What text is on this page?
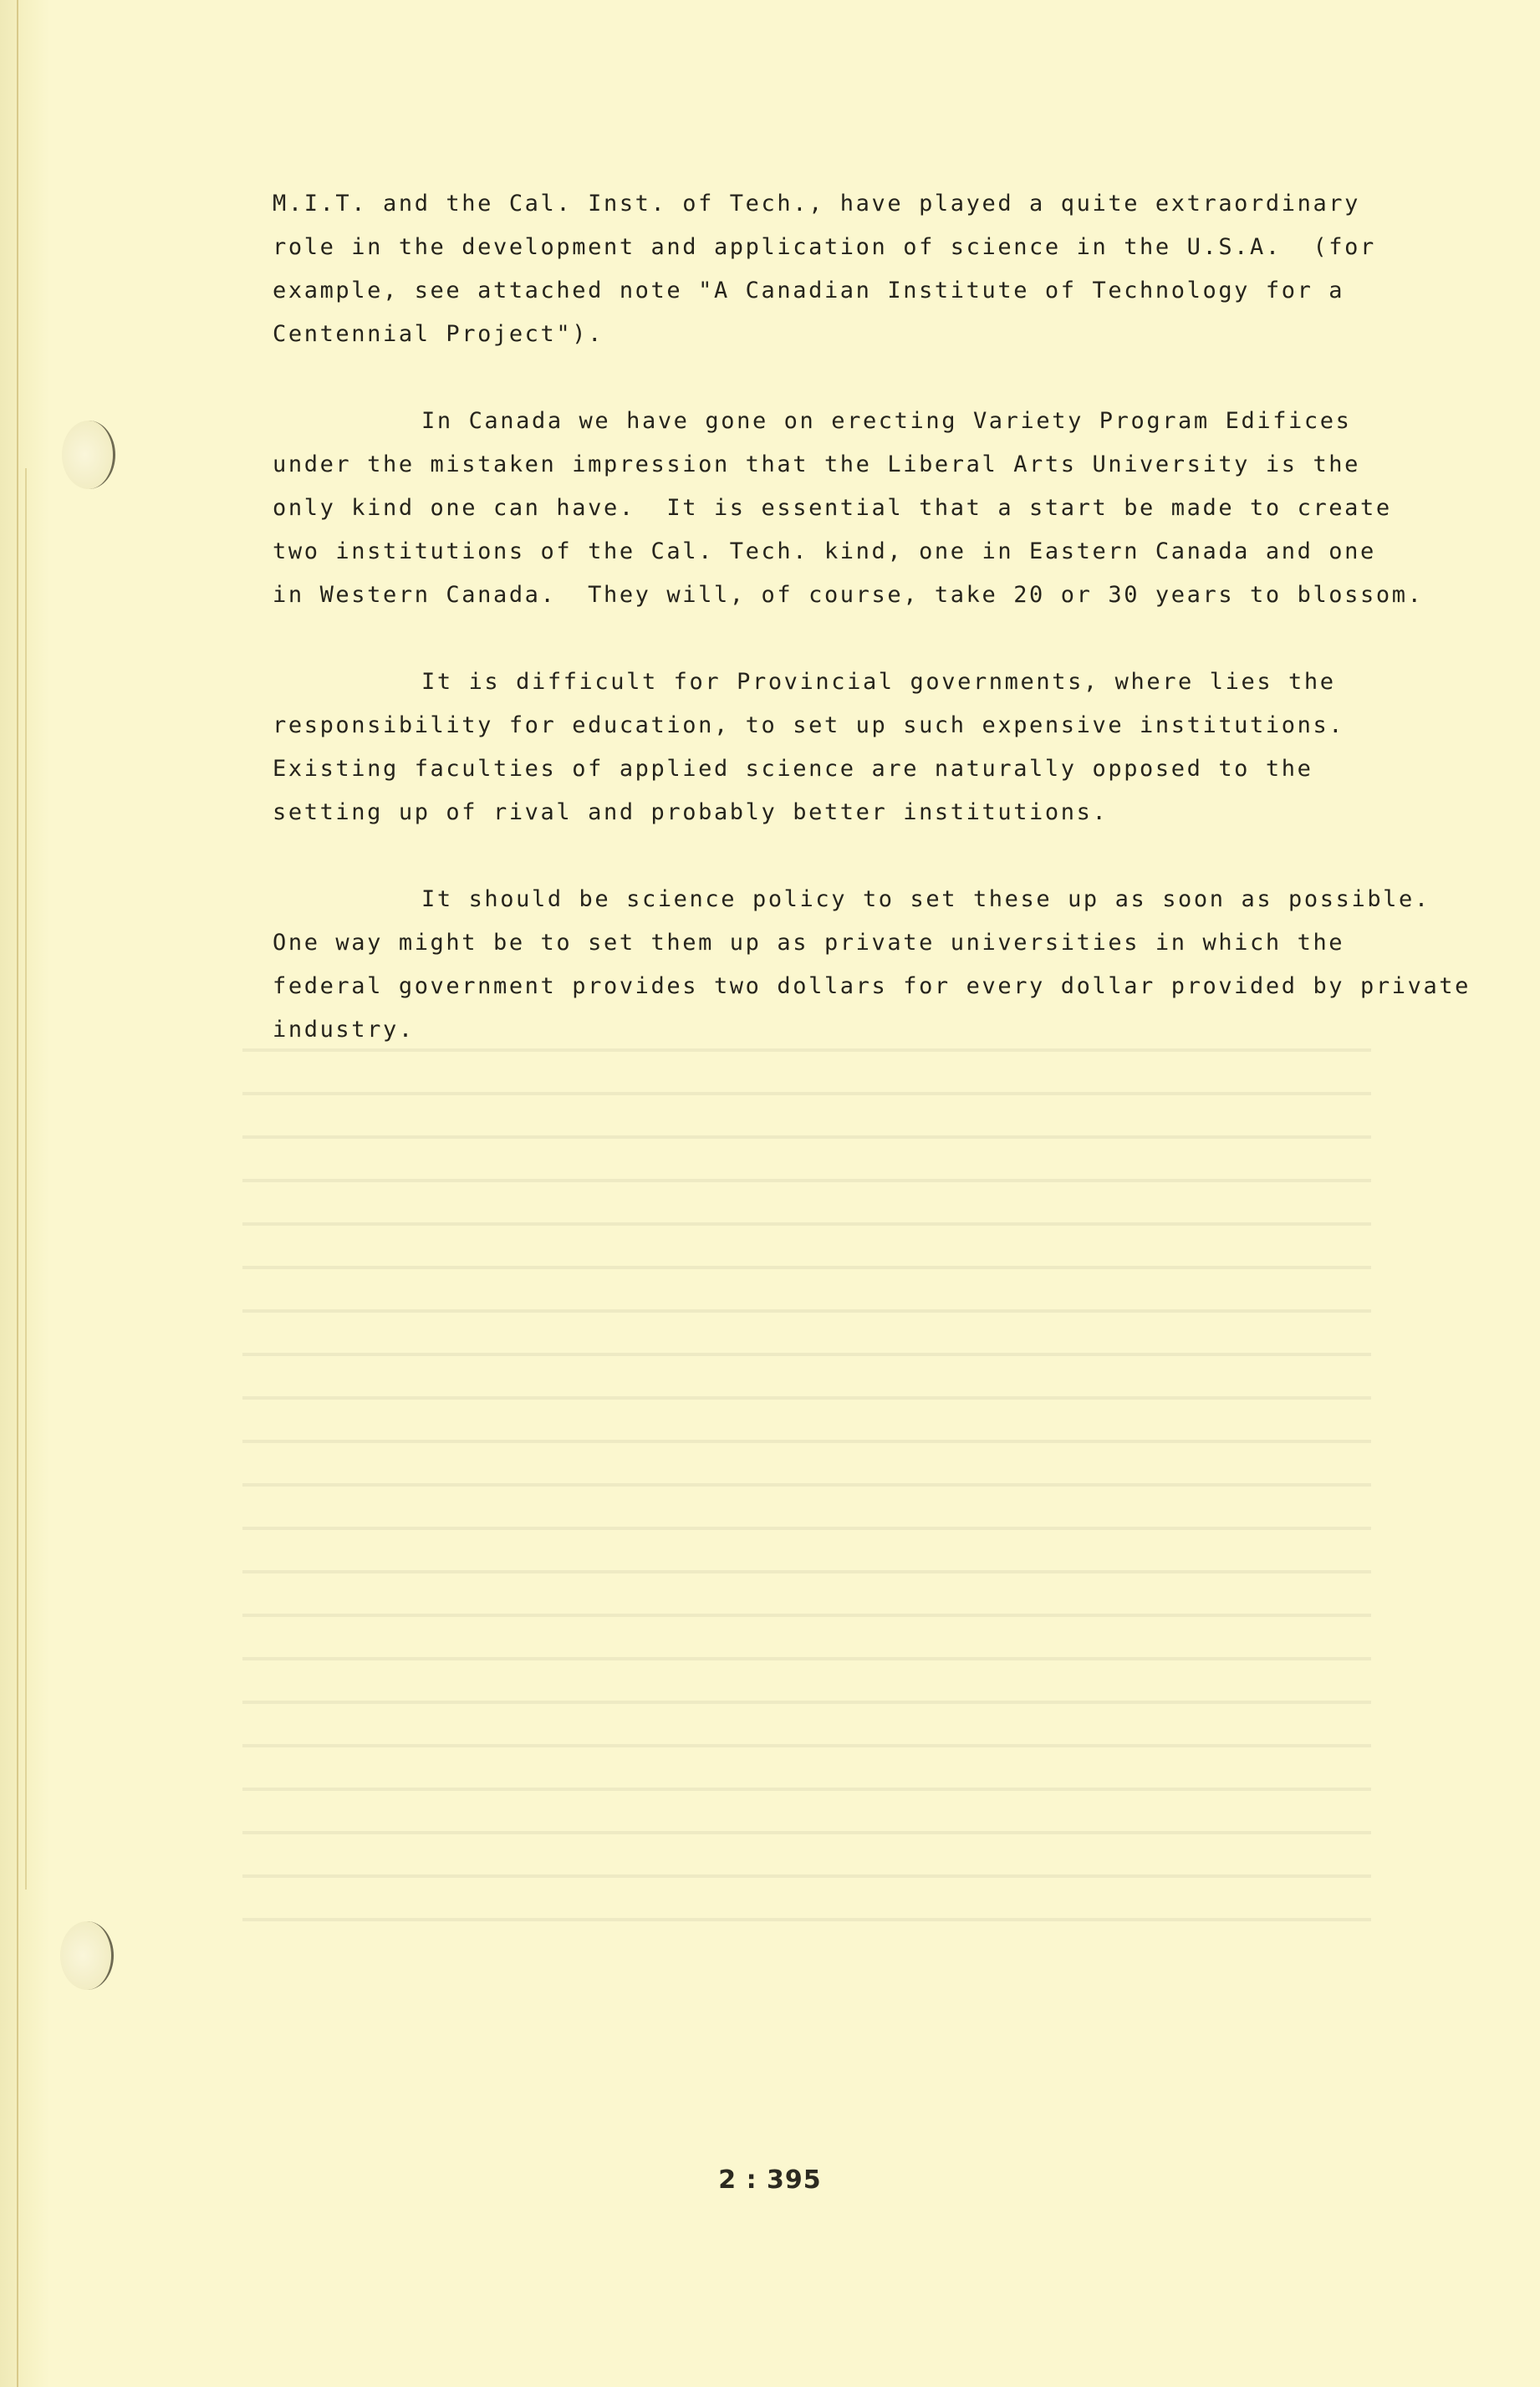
M.I.T. and the Cal. Inst. of Tech., have played a quite extraordinary
role in the development and application of science in the U.S.A.  (for
example, see attached note "A Canadian Institute of Technology for a
Centennial Project").
In Canada we have gone on erecting Variety Program Edifices
under the mistaken impression that the Liberal Arts University is the
only kind one can have.  It is essential that a start be made to create
two institutions of the Cal. Tech. kind, one in Eastern Canada and one
in Western Canada.  They will, of course, take 20 or 30 years to blossom.
It is difficult for Provincial governments, where lies the
responsibility for education, to set up such expensive institutions.
Existing faculties of applied science are naturally opposed to the
setting up of rival and probably better institutions.
It should be science policy to set these up as soon as possible.
One way might be to set them up as private universities in which the
federal government provides two dollars for every dollar provided by private
industry.
2 : 395
